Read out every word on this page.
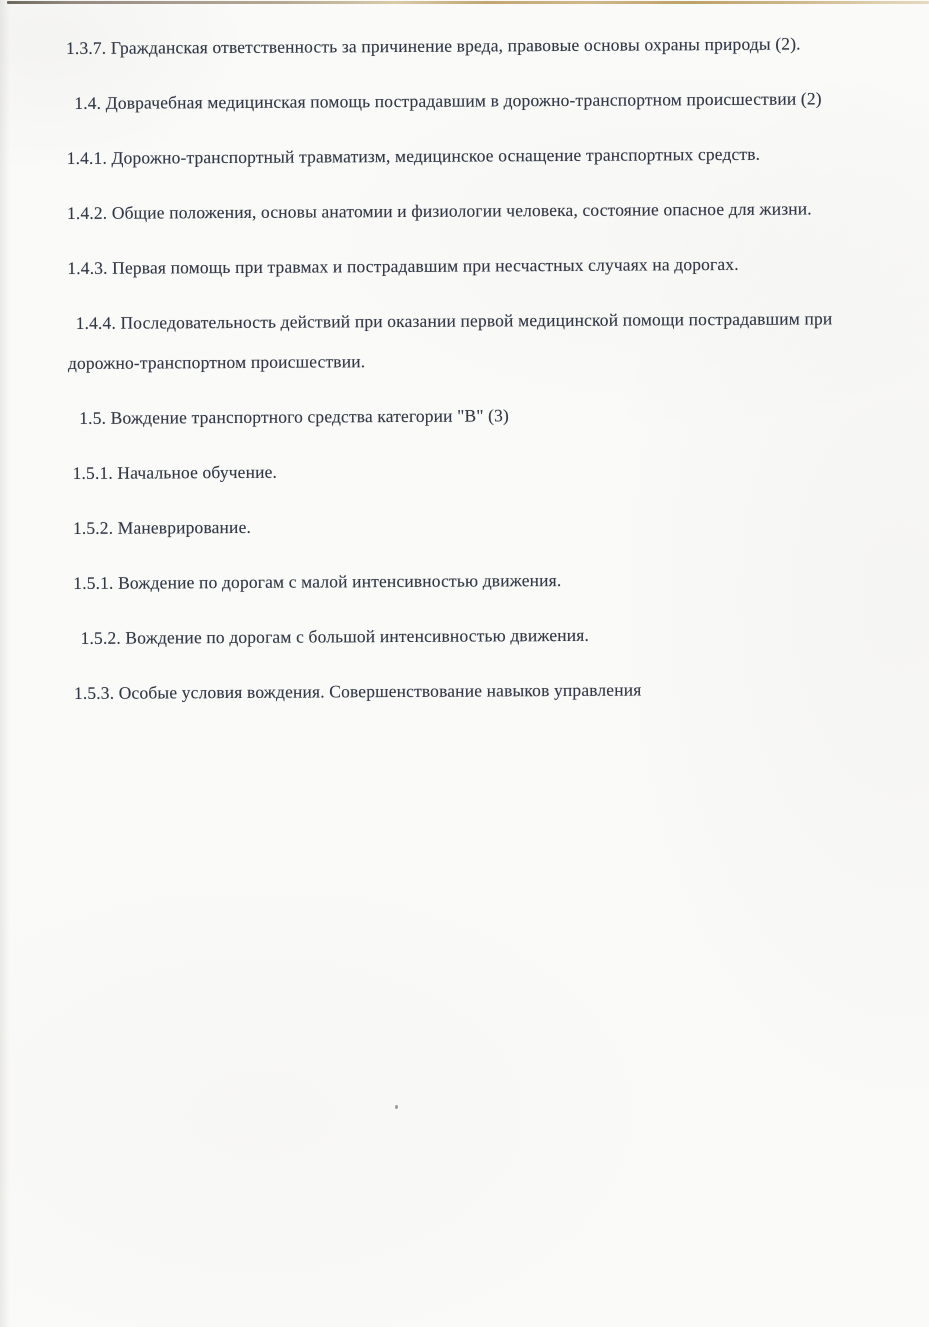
1.3.7. Гражданская ответственность за причинение вреда, правовые основы охраны природы (2).

1.4. Доврачебная медицинская помощь пострадавшим в дорожно-транспортном происшествии (2)

1.4.1. Дорожно-транспортный травматизм, медицинское оснащение транспортных средств.

1.4.2. Общие положения, основы анатомии и физиологии человека, состояние опасное для жизни.

1.4.3. Первая помощь при травмах и пострадавшим при несчастных случаях на дорогах.

1.4.4. Последовательность действий при оказании первой медицинской помощи пострадавшим при дорожно-транспортном происшествии.

1.5. Вождение транспортного средства категории "В" (3)

1.5.1. Начальное обучение.

1.5.2. Маневрирование.

1.5.1. Вождение по дорогам с малой интенсивностью движения.

1.5.2. Вождение по дорогам с большой интенсивностью движения.

1.5.3. Особые условия вождения. Совершенствование навыков управления
